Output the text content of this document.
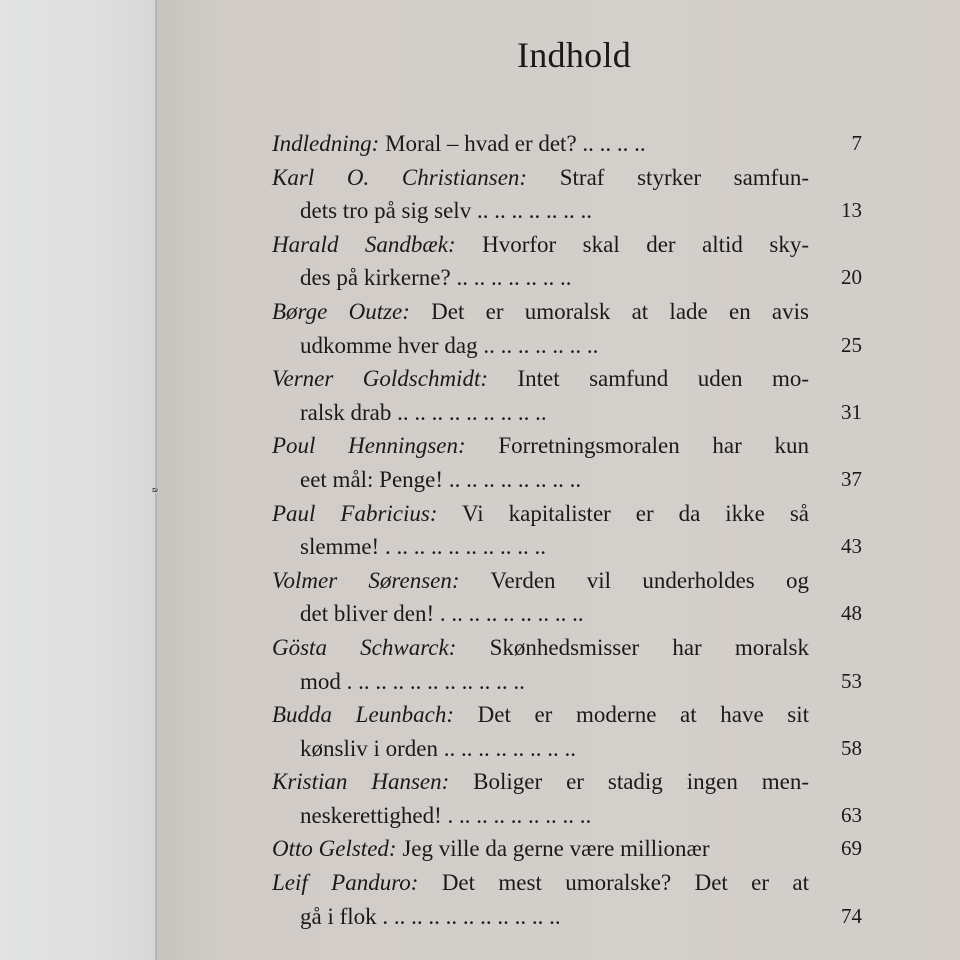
a
Indhold
Indledning: Moral – hvad er det? .. .. .. ..	7
Karl O. Christiansen: Straf styrker samfun-
dets tro på sig selv .. .. .. .. .. .. ..	13
Harald Sandbæk: Hvorfor skal der altid sky-
des på kirkerne? .. .. .. .. .. .. ..	20
Børge Outze: Det er umoralsk at lade en avis
udkomme hver dag .. .. .. .. .. .. ..	25
Verner Goldschmidt: Intet samfund uden mo-
ralsk drab .. .. .. .. .. .. .. .. ..	31
Poul Henningsen: Forretningsmoralen har kun
eet mål: Penge! .. .. .. .. .. .. .. ..	37
Paul Fabricius: Vi kapitalister er da ikke så
slemme! . .. .. .. .. .. .. .. .. ..	43
Volmer Sørensen: Verden vil underholdes og
det bliver den! . .. .. .. .. .. .. .. ..	48
Gösta Schwarck: Skønhedsmisser har moralsk
mod . .. .. .. .. .. .. .. .. .. ..	53
Budda Leunbach: Det er moderne at have sit
kønsliv i orden .. .. .. .. .. .. .. ..	58
Kristian Hansen: Boliger er stadig ingen men-
neskerettighed! . .. .. .. .. .. .. .. ..	63
Otto Gelsted: Jeg ville da gerne være millionær	69
Leif Panduro: Det mest umoralske? Det er at
gå i flok . .. .. .. .. .. .. .. .. .. ..	74
